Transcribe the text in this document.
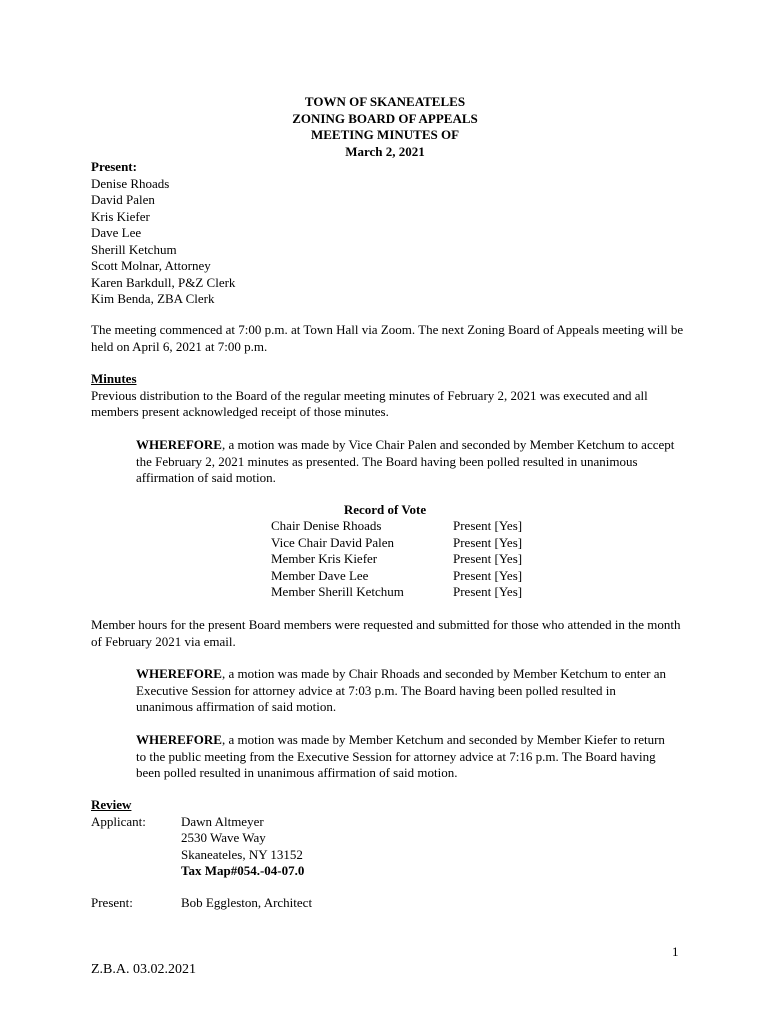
TOWN OF SKANEATELES
ZONING BOARD OF APPEALS
MEETING MINUTES OF
March 2, 2021
Present:
Denise Rhoads
David Palen
Kris Kiefer
Dave Lee
Sherill Ketchum
Scott Molnar, Attorney
Karen Barkdull, P&Z Clerk
Kim Benda, ZBA Clerk
The meeting commenced at 7:00 p.m. at Town Hall via Zoom. The next Zoning Board of Appeals meeting will be held on April 6, 2021 at 7:00 p.m.
Minutes
Previous distribution to the Board of the regular meeting minutes of February 2, 2021 was executed and all members present acknowledged receipt of those minutes.
WHEREFORE, a motion was made by Vice Chair Palen and seconded by Member Ketchum to accept the February 2, 2021 minutes as presented. The Board having been polled resulted in unanimous affirmation of said motion.
Record of Vote
Chair Denise Rhoads	Present [Yes]
Vice Chair David Palen	Present [Yes]
Member Kris Kiefer	Present [Yes]
Member Dave Lee	Present [Yes]
Member Sherill Ketchum	Present [Yes]
Member hours for the present Board members were requested and submitted for those who attended in the month of February 2021 via email.
WHEREFORE, a motion was made by Chair Rhoads and seconded by Member Ketchum to enter an Executive Session for attorney advice at 7:03 p.m. The Board having been polled resulted in unanimous affirmation of said motion.
WHEREFORE, a motion was made by Member Ketchum and seconded by Member Kiefer to return to the public meeting from the Executive Session for attorney advice at 7:16 p.m. The Board having been polled resulted in unanimous affirmation of said motion.
Review
Applicant:	Dawn Altmeyer
2530 Wave Way
Skaneateles, NY 13152
Tax Map#054.-04-07.0
Present:	Bob Eggleston, Architect
1
Z.B.A. 03.02.2021
